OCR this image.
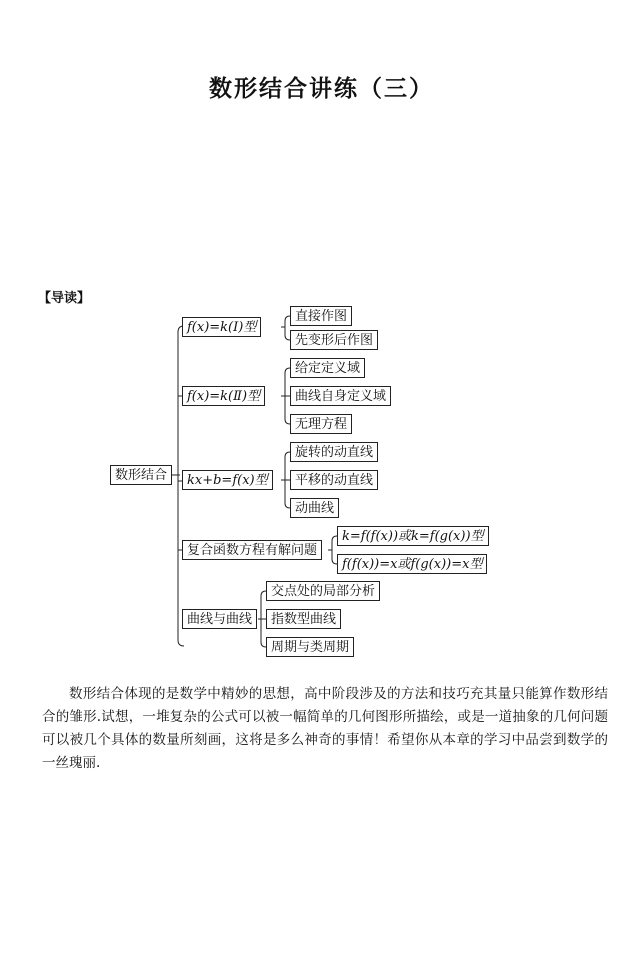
数形结合讲练（三）
【导读】
数形结合
f(x)=k(Ⅰ)型
直接作图
先变形后作图
f(x)=k(Ⅱ)型
给定定义域
曲线自身定义域
无理方程
kx+b=f(x)型
旋转的动直线
平移的动直线
动曲线
复合函数方程有解问题
k=f(f(x))或k=f(g(x))型
f(f(x))=x或f(g(x))=x型
曲线与曲线
交点处的局部分析
指数型曲线
周期与类周期
数形结合体现的是数学中精妙的思想，高中阶段涉及的方法和技巧充其量只能算作数形结合的雏形.试想，一堆复杂的公式可以被一幅简单的几何图形所描绘，或是一道抽象的几何问题可以被几个具体的数量所刻画，这将是多么神奇的事情！希望你从本章的学习中品尝到数学的一丝瑰丽.
